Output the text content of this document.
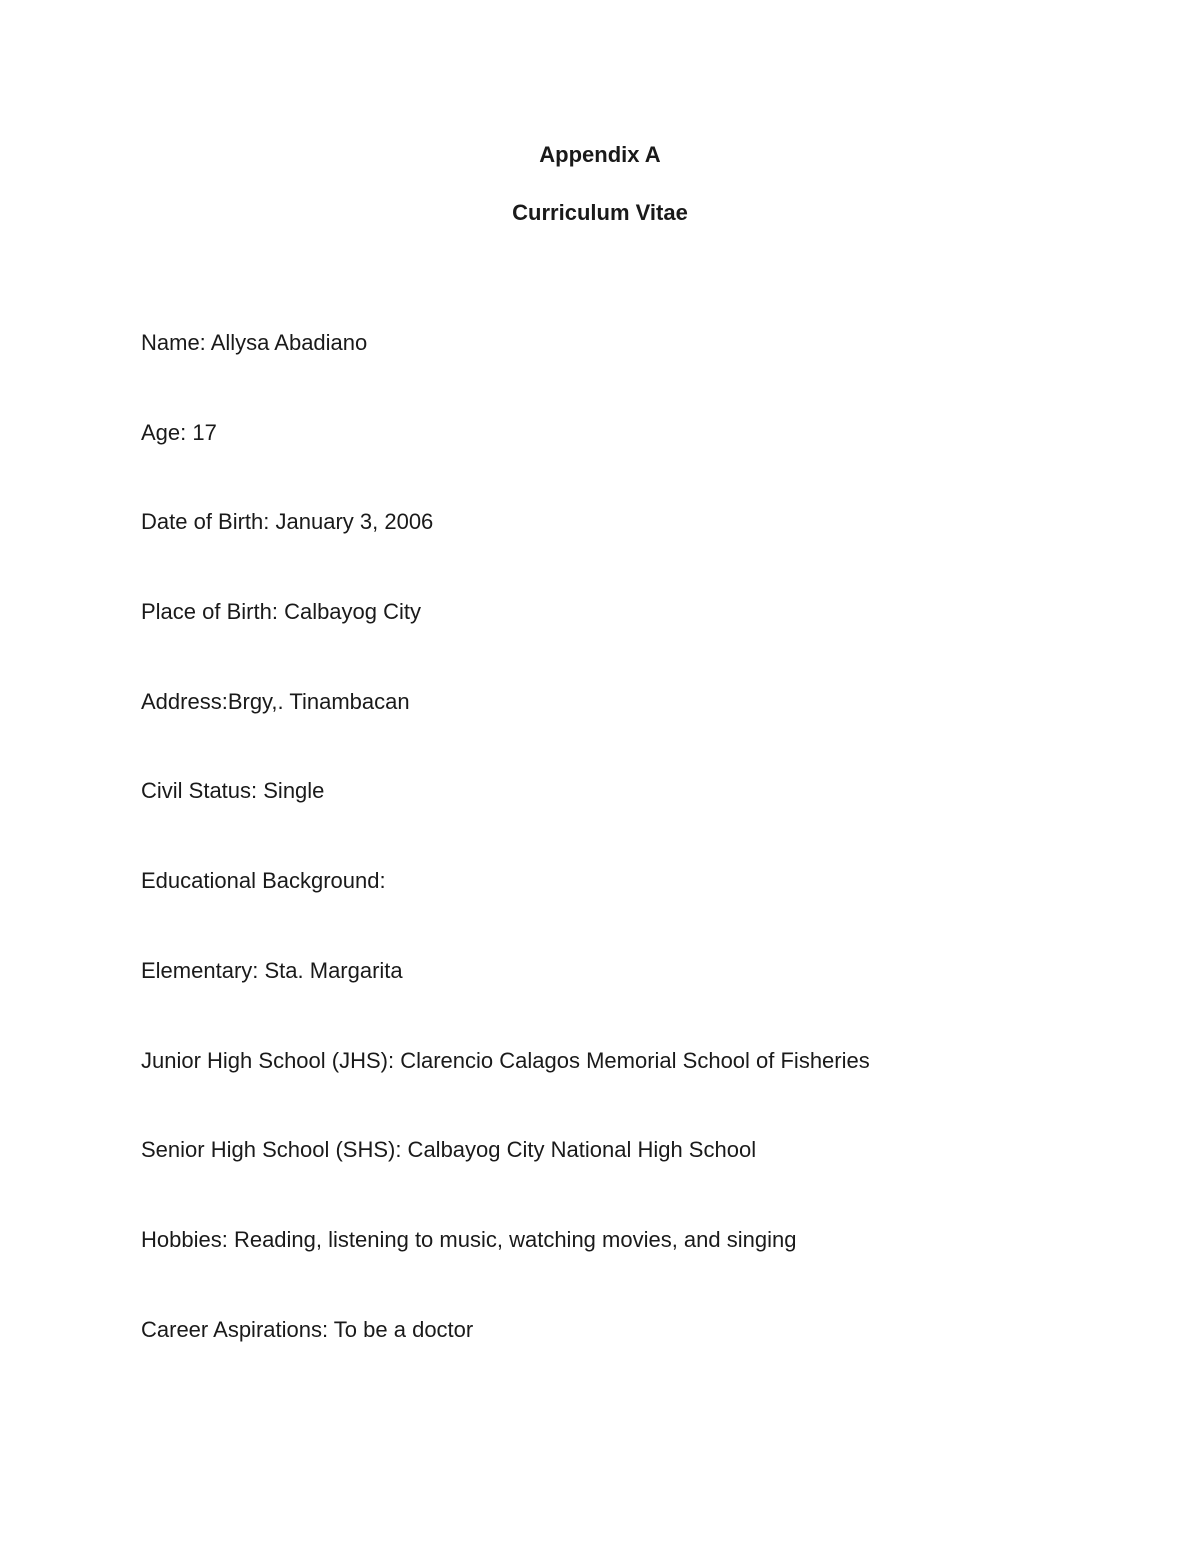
Appendix A
Curriculum Vitae
Name: Allysa Abadiano
Age: 17
Date of Birth: January 3, 2006
Place of Birth: Calbayog City
Address:Brgy,. Tinambacan
Civil Status: Single
Educational Background:
Elementary: Sta. Margarita
Junior High School (JHS): Clarencio Calagos Memorial School of Fisheries
Senior High School (SHS): Calbayog City National High School
Hobbies: Reading, listening to music, watching movies, and singing
Career Aspirations: To be a doctor
